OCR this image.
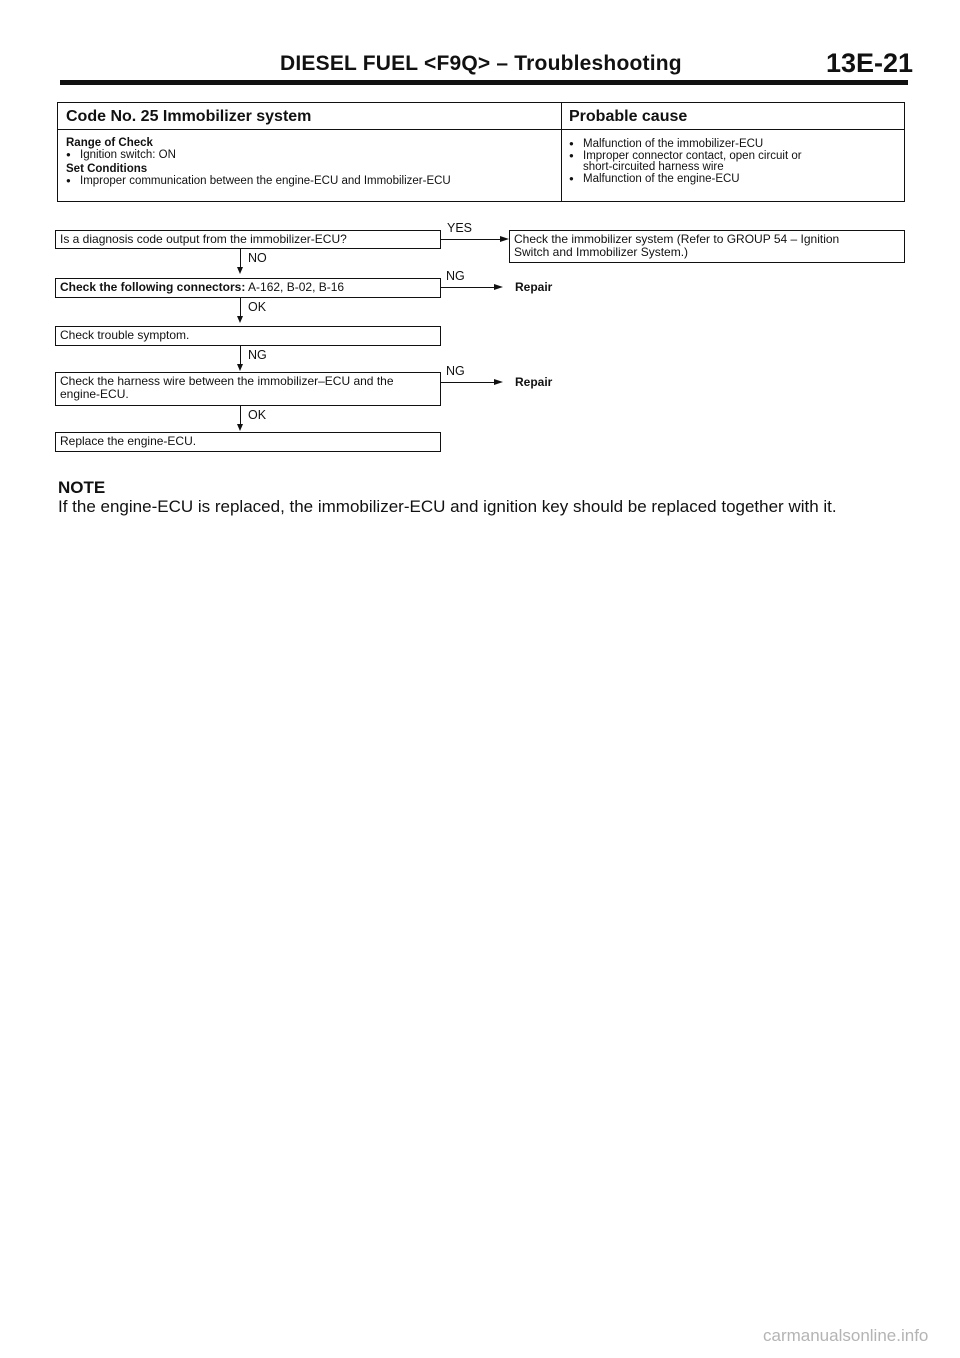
DIESEL FUEL <F9Q> – Troubleshooting	13E-21
Code No. 25 Immobilizer system	Probable cause
Range of Check
● Ignition switch: ON
Set Conditions
● Improper communication between the engine-ECU and Immobilizer-ECU
● Malfunction of the immobilizer-ECU
● Improper connector contact, open circuit or
short-circuited harness wire
● Malfunction of the engine-ECU
Is a diagnosis code output from the immobilizer-ECU?
YES
Check the immobilizer system (Refer to GROUP 54 – Ignition
Switch and Immobilizer System.)
NO
Check the following connectors: A-162, B-02, B-16
NG
Repair
OK
Check trouble symptom.
NG
Check the harness wire between the immobilizer–ECU and the
engine-ECU.
NG
Repair
OK
Replace the engine-ECU.
NOTE
If the engine-ECU is replaced, the immobilizer-ECU and ignition key should be replaced together with it.
carmanualsonline.info
